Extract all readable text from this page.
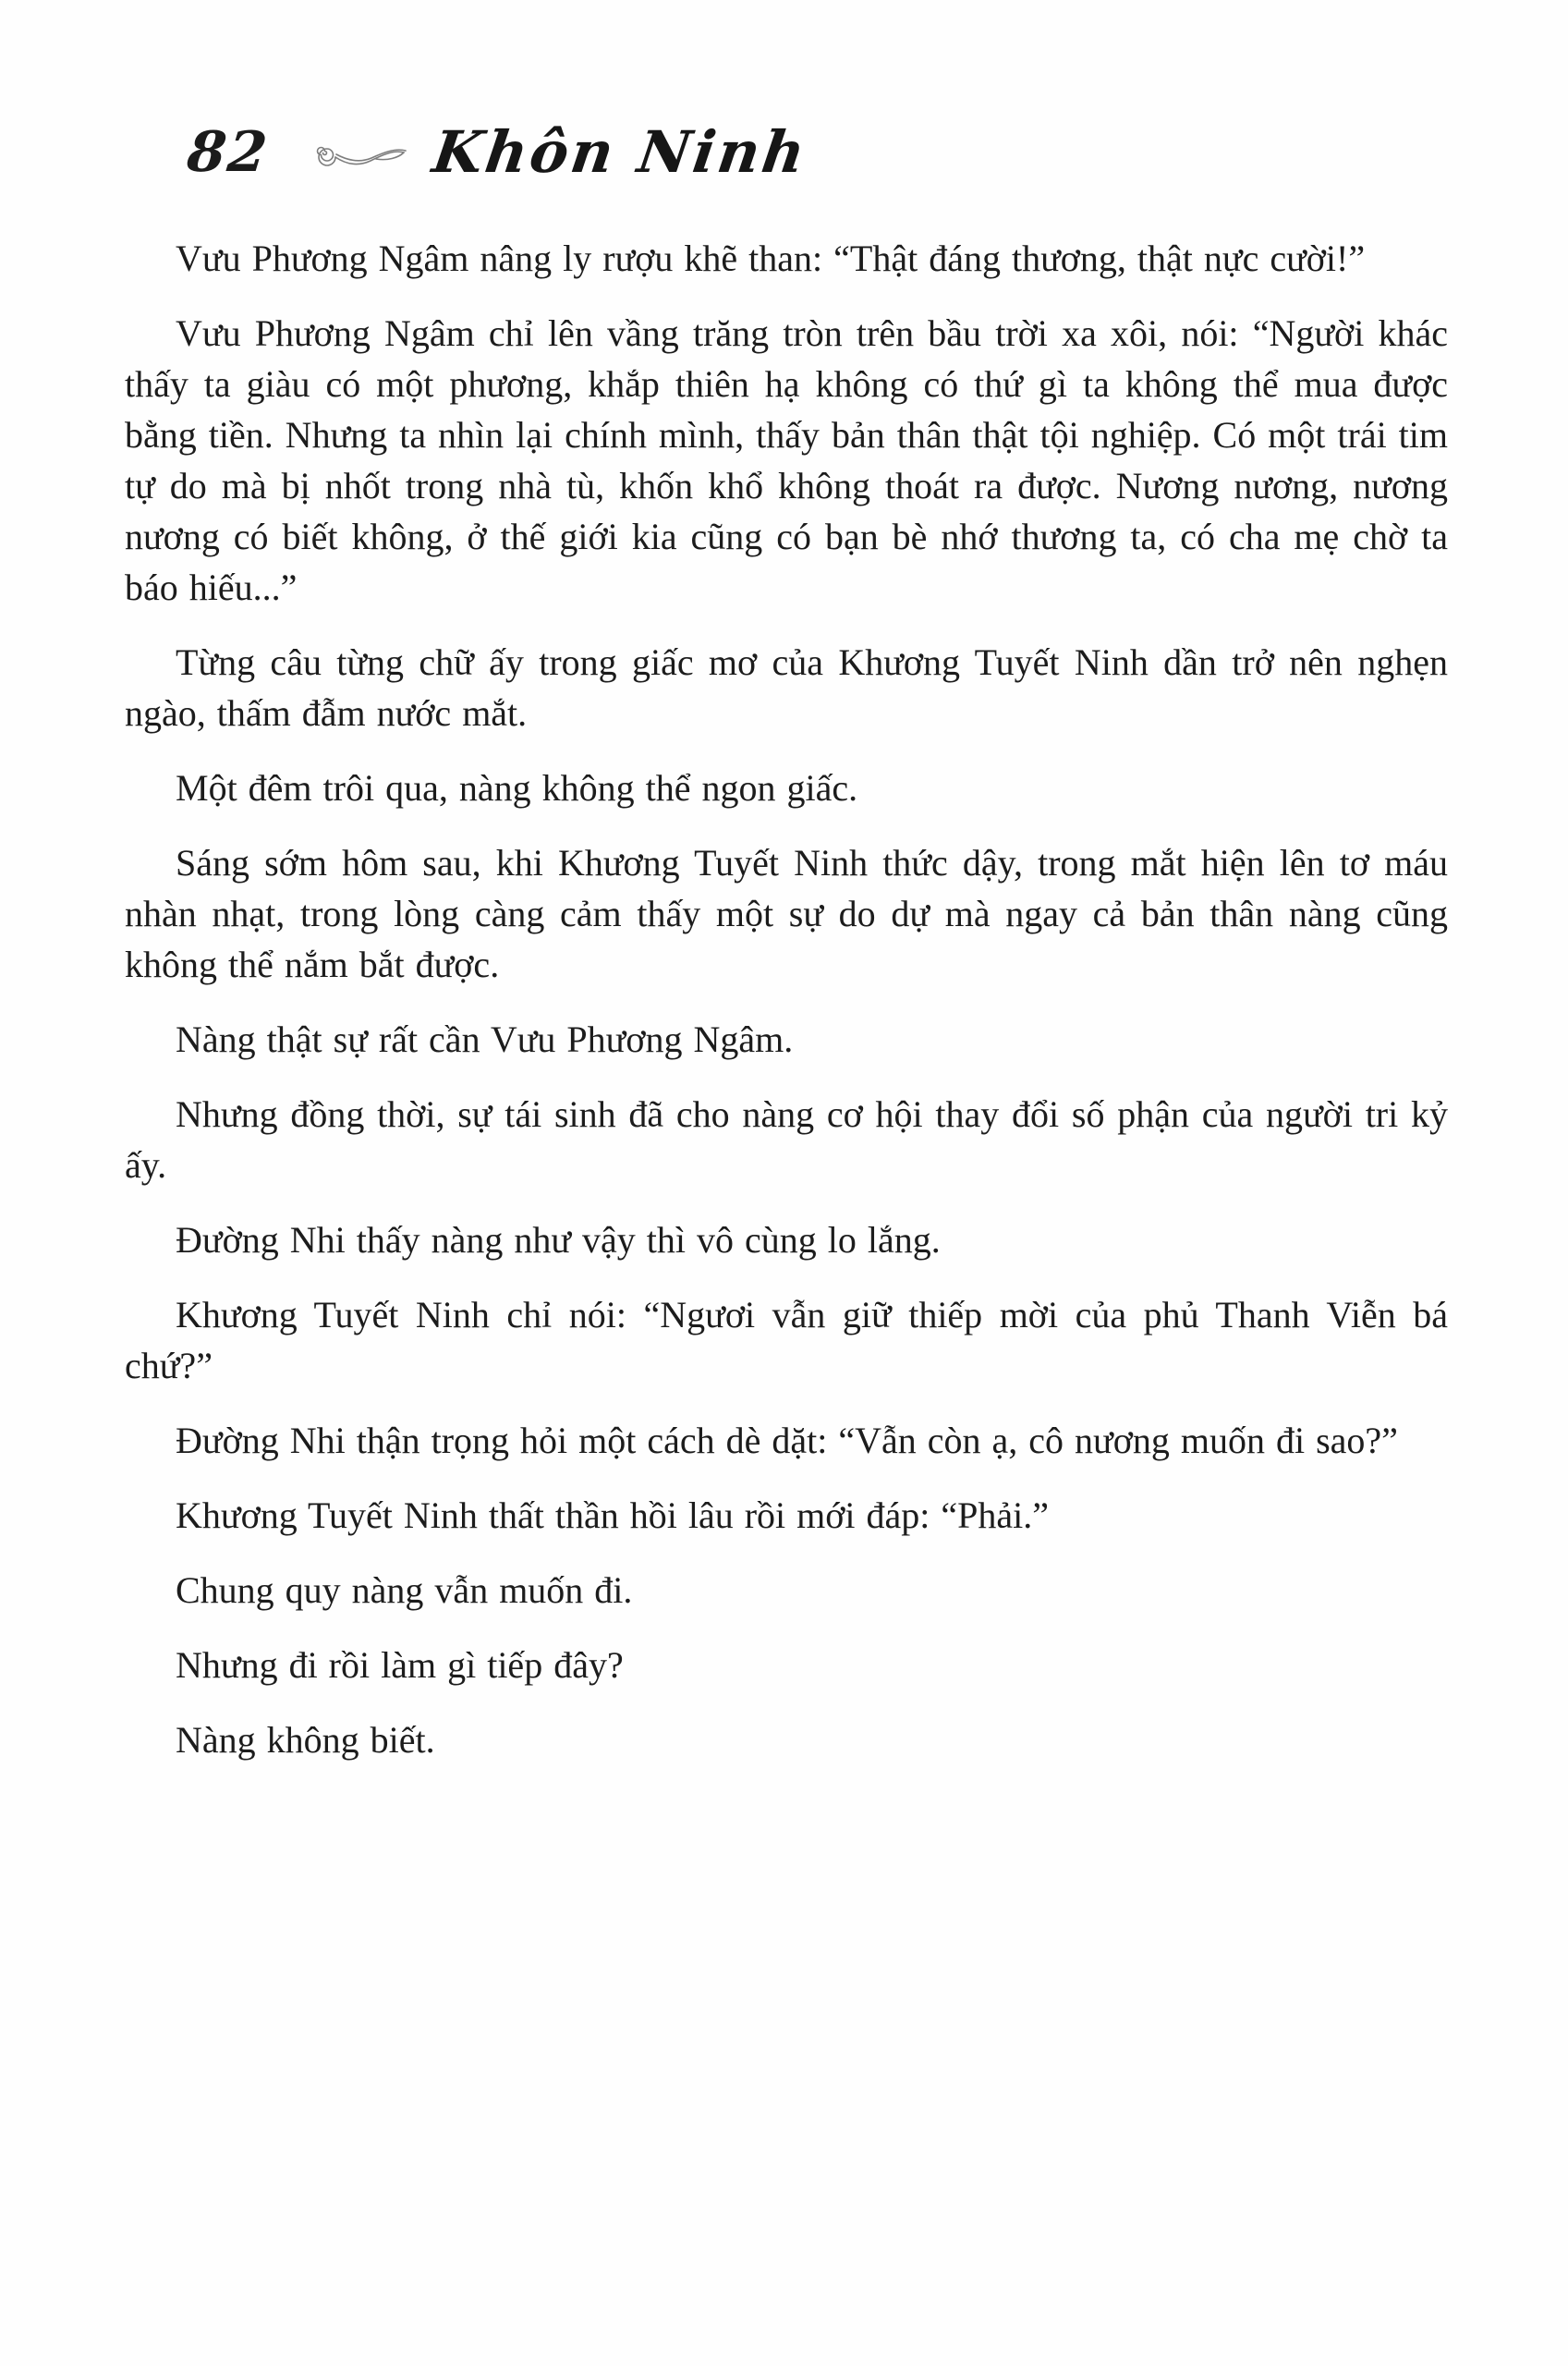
82	Khôn Ninh

Vưu Phương Ngâm nâng ly rượu khẽ than: “Thật đáng thương, thật nực cười!”

Vưu Phương Ngâm chỉ lên vầng trăng tròn trên bầu trời xa xôi, nói: “Người khác thấy ta giàu có một phương, khắp thiên hạ không có thứ gì ta không thể mua được bằng tiền. Nhưng ta nhìn lại chính mình, thấy bản thân thật tội nghiệp. Có một trái tim tự do mà bị nhốt trong nhà tù, khốn khổ không thoát ra được. Nương nương, nương nương có biết không, ở thế giới kia cũng có bạn bè nhớ thương ta, có cha mẹ chờ ta báo hiếu...”

Từng câu từng chữ ấy trong giấc mơ của Khương Tuyết Ninh dần trở nên nghẹn ngào, thấm đẫm nước mắt.

Một đêm trôi qua, nàng không thể ngon giấc.

Sáng sớm hôm sau, khi Khương Tuyết Ninh thức dậy, trong mắt hiện lên tơ máu nhàn nhạt, trong lòng càng cảm thấy một sự do dự mà ngay cả bản thân nàng cũng không thể nắm bắt được.

Nàng thật sự rất cần Vưu Phương Ngâm.

Nhưng đồng thời, sự tái sinh đã cho nàng cơ hội thay đổi số phận của người tri kỷ ấy.

Đường Nhi thấy nàng như vậy thì vô cùng lo lắng.

Khương Tuyết Ninh chỉ nói: “Ngươi vẫn giữ thiếp mời của phủ Thanh Viễn bá chứ?”

Đường Nhi thận trọng hỏi một cách dè dặt: “Vẫn còn ạ, cô nương muốn đi sao?”

Khương Tuyết Ninh thất thần hồi lâu rồi mới đáp: “Phải.”

Chung quy nàng vẫn muốn đi.

Nhưng đi rồi làm gì tiếp đây?

Nàng không biết.
